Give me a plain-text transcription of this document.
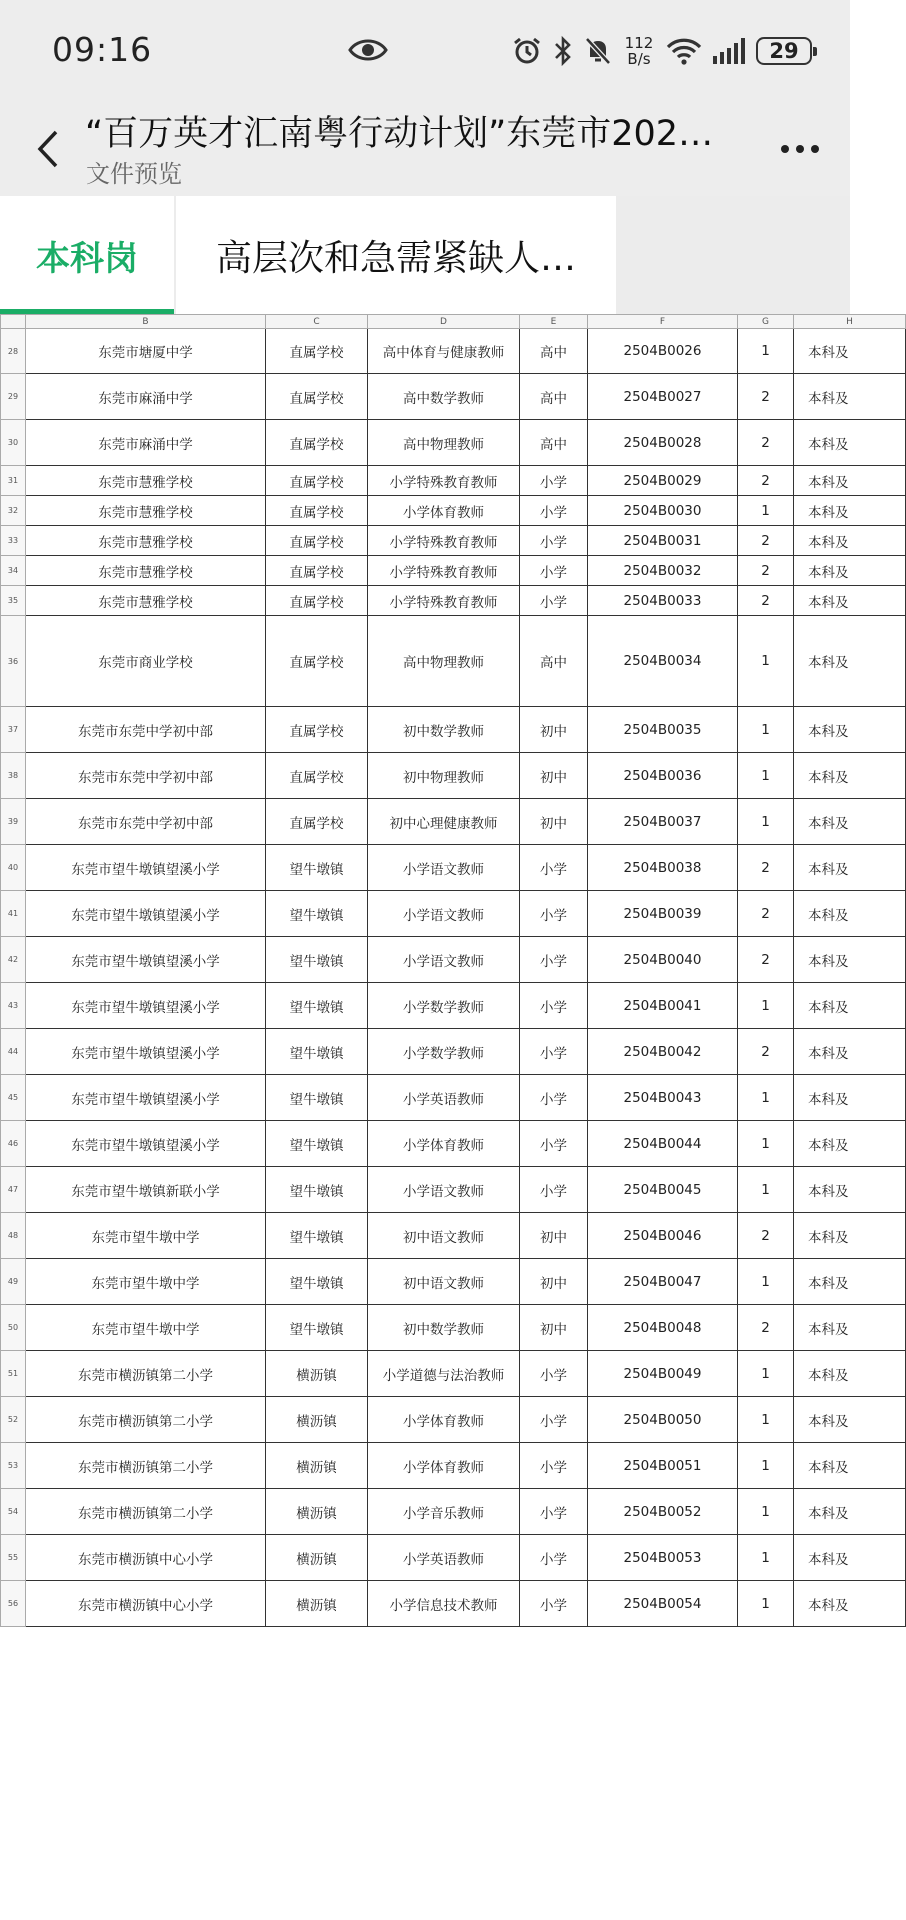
09:16	112
B/s	29
“百万英才汇南粤行动计划”东莞市202…
文件预览
本科岗	高层次和急需紧缺人…
	B	C	D	E	F	G	H
28	东莞市塘厦中学	直属学校	高中体育与健康教师	高中	2504B0026	1	本科及
29	东莞市麻涌中学	直属学校	高中数学教师	高中	2504B0027	2	本科及
30	东莞市麻涌中学	直属学校	高中物理教师	高中	2504B0028	2	本科及
31	东莞市慧雅学校	直属学校	小学特殊教育教师	小学	2504B0029	2	本科及
32	东莞市慧雅学校	直属学校	小学体育教师	小学	2504B0030	1	本科及
33	东莞市慧雅学校	直属学校	小学特殊教育教师	小学	2504B0031	2	本科及
34	东莞市慧雅学校	直属学校	小学特殊教育教师	小学	2504B0032	2	本科及
35	东莞市慧雅学校	直属学校	小学特殊教育教师	小学	2504B0033	2	本科及
36	东莞市商业学校	直属学校	高中物理教师	高中	2504B0034	1	本科及
37	东莞市东莞中学初中部	直属学校	初中数学教师	初中	2504B0035	1	本科及
38	东莞市东莞中学初中部	直属学校	初中物理教师	初中	2504B0036	1	本科及
39	东莞市东莞中学初中部	直属学校	初中心理健康教师	初中	2504B0037	1	本科及
40	东莞市望牛墩镇望溪小学	望牛墩镇	小学语文教师	小学	2504B0038	2	本科及
41	东莞市望牛墩镇望溪小学	望牛墩镇	小学语文教师	小学	2504B0039	2	本科及
42	东莞市望牛墩镇望溪小学	望牛墩镇	小学语文教师	小学	2504B0040	2	本科及
43	东莞市望牛墩镇望溪小学	望牛墩镇	小学数学教师	小学	2504B0041	1	本科及
44	东莞市望牛墩镇望溪小学	望牛墩镇	小学数学教师	小学	2504B0042	2	本科及
45	东莞市望牛墩镇望溪小学	望牛墩镇	小学英语教师	小学	2504B0043	1	本科及
46	东莞市望牛墩镇望溪小学	望牛墩镇	小学体育教师	小学	2504B0044	1	本科及
47	东莞市望牛墩镇新联小学	望牛墩镇	小学语文教师	小学	2504B0045	1	本科及
48	东莞市望牛墩中学	望牛墩镇	初中语文教师	初中	2504B0046	2	本科及
49	东莞市望牛墩中学	望牛墩镇	初中语文教师	初中	2504B0047	1	本科及
50	东莞市望牛墩中学	望牛墩镇	初中数学教师	初中	2504B0048	2	本科及
51	东莞市横沥镇第二小学	横沥镇	小学道德与法治教师	小学	2504B0049	1	本科及
52	东莞市横沥镇第二小学	横沥镇	小学体育教师	小学	2504B0050	1	本科及
53	东莞市横沥镇第二小学	横沥镇	小学体育教师	小学	2504B0051	1	本科及
54	东莞市横沥镇第二小学	横沥镇	小学音乐教师	小学	2504B0052	1	本科及
55	东莞市横沥镇中心小学	横沥镇	小学英语教师	小学	2504B0053	1	本科及
56	东莞市横沥镇中心小学	横沥镇	小学信息技术教师	小学	2504B0054	1	本科及
